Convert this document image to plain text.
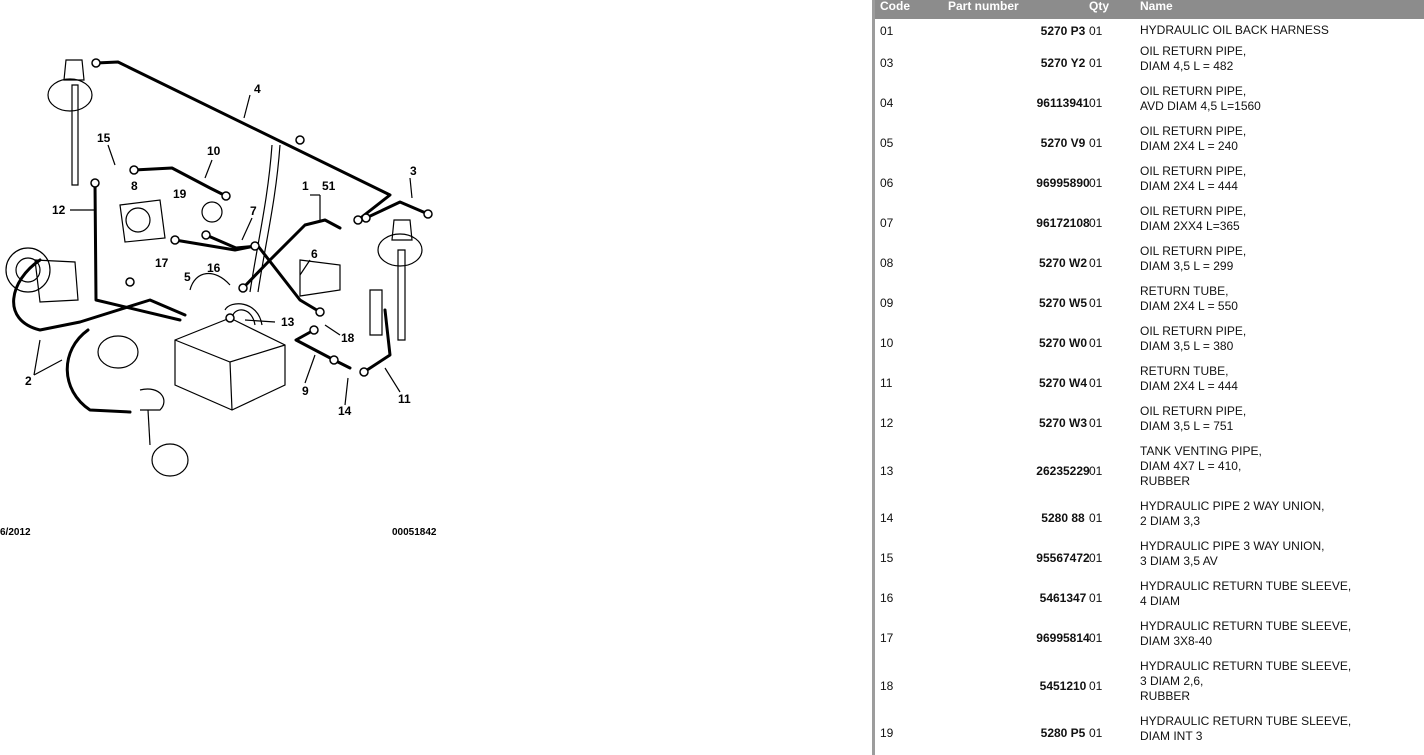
4
15
10
8
19
12	7
1 51
3
6
16
17
5
13
18
2
9
14
11
6/2012	00051842
Code	Part number	Qty	Name
01	5270 P3 01	HYDRAULIC OIL BACK HARNESS
03	5270 Y2 01
OIL RETURN PIPE,
DIAM 4,5 L = 482
04	96113941 01
OIL RETURN PIPE,
AVD DIAM 4,5 L=1560
05	5270 V9 01
OIL RETURN PIPE,
DIAM 2X4 L = 240
06	96995890 01
OIL RETURN PIPE,
DIAM 2X4 L = 444
07	96172108 01
OIL RETURN PIPE,
DIAM 2XX4 L=365
08	5270 W2 01
OIL RETURN PIPE,
DIAM 3,5 L = 299
09	5270 W5 01
RETURN TUBE,
DIAM 2X4 L = 550
10	5270 W0 01
OIL RETURN PIPE,
DIAM 3,5 L = 380
11	5270 W4 01
RETURN TUBE,
DIAM 2X4 L = 444
12	5270 W3 01
OIL RETURN PIPE,
DIAM 3,5 L = 751
13	26235229 01
TANK VENTING PIPE,
DIAM 4X7 L = 410,
RUBBER
14	5280 88 01
HYDRAULIC PIPE 2 WAY UNION,
2 DIAM 3,3
15	95567472 01
HYDRAULIC PIPE 3 WAY UNION,
3 DIAM 3,5 AV
16	5461347 01
HYDRAULIC RETURN TUBE SLEEVE,
4 DIAM
17	96995814 01
HYDRAULIC RETURN TUBE SLEEVE,
DIAM 3X8-40
18	5451210 01
HYDRAULIC RETURN TUBE SLEEVE,
3 DIAM 2,6,
RUBBER
19	5280 P5 01
HYDRAULIC RETURN TUBE SLEEVE,
DIAM INT 3
